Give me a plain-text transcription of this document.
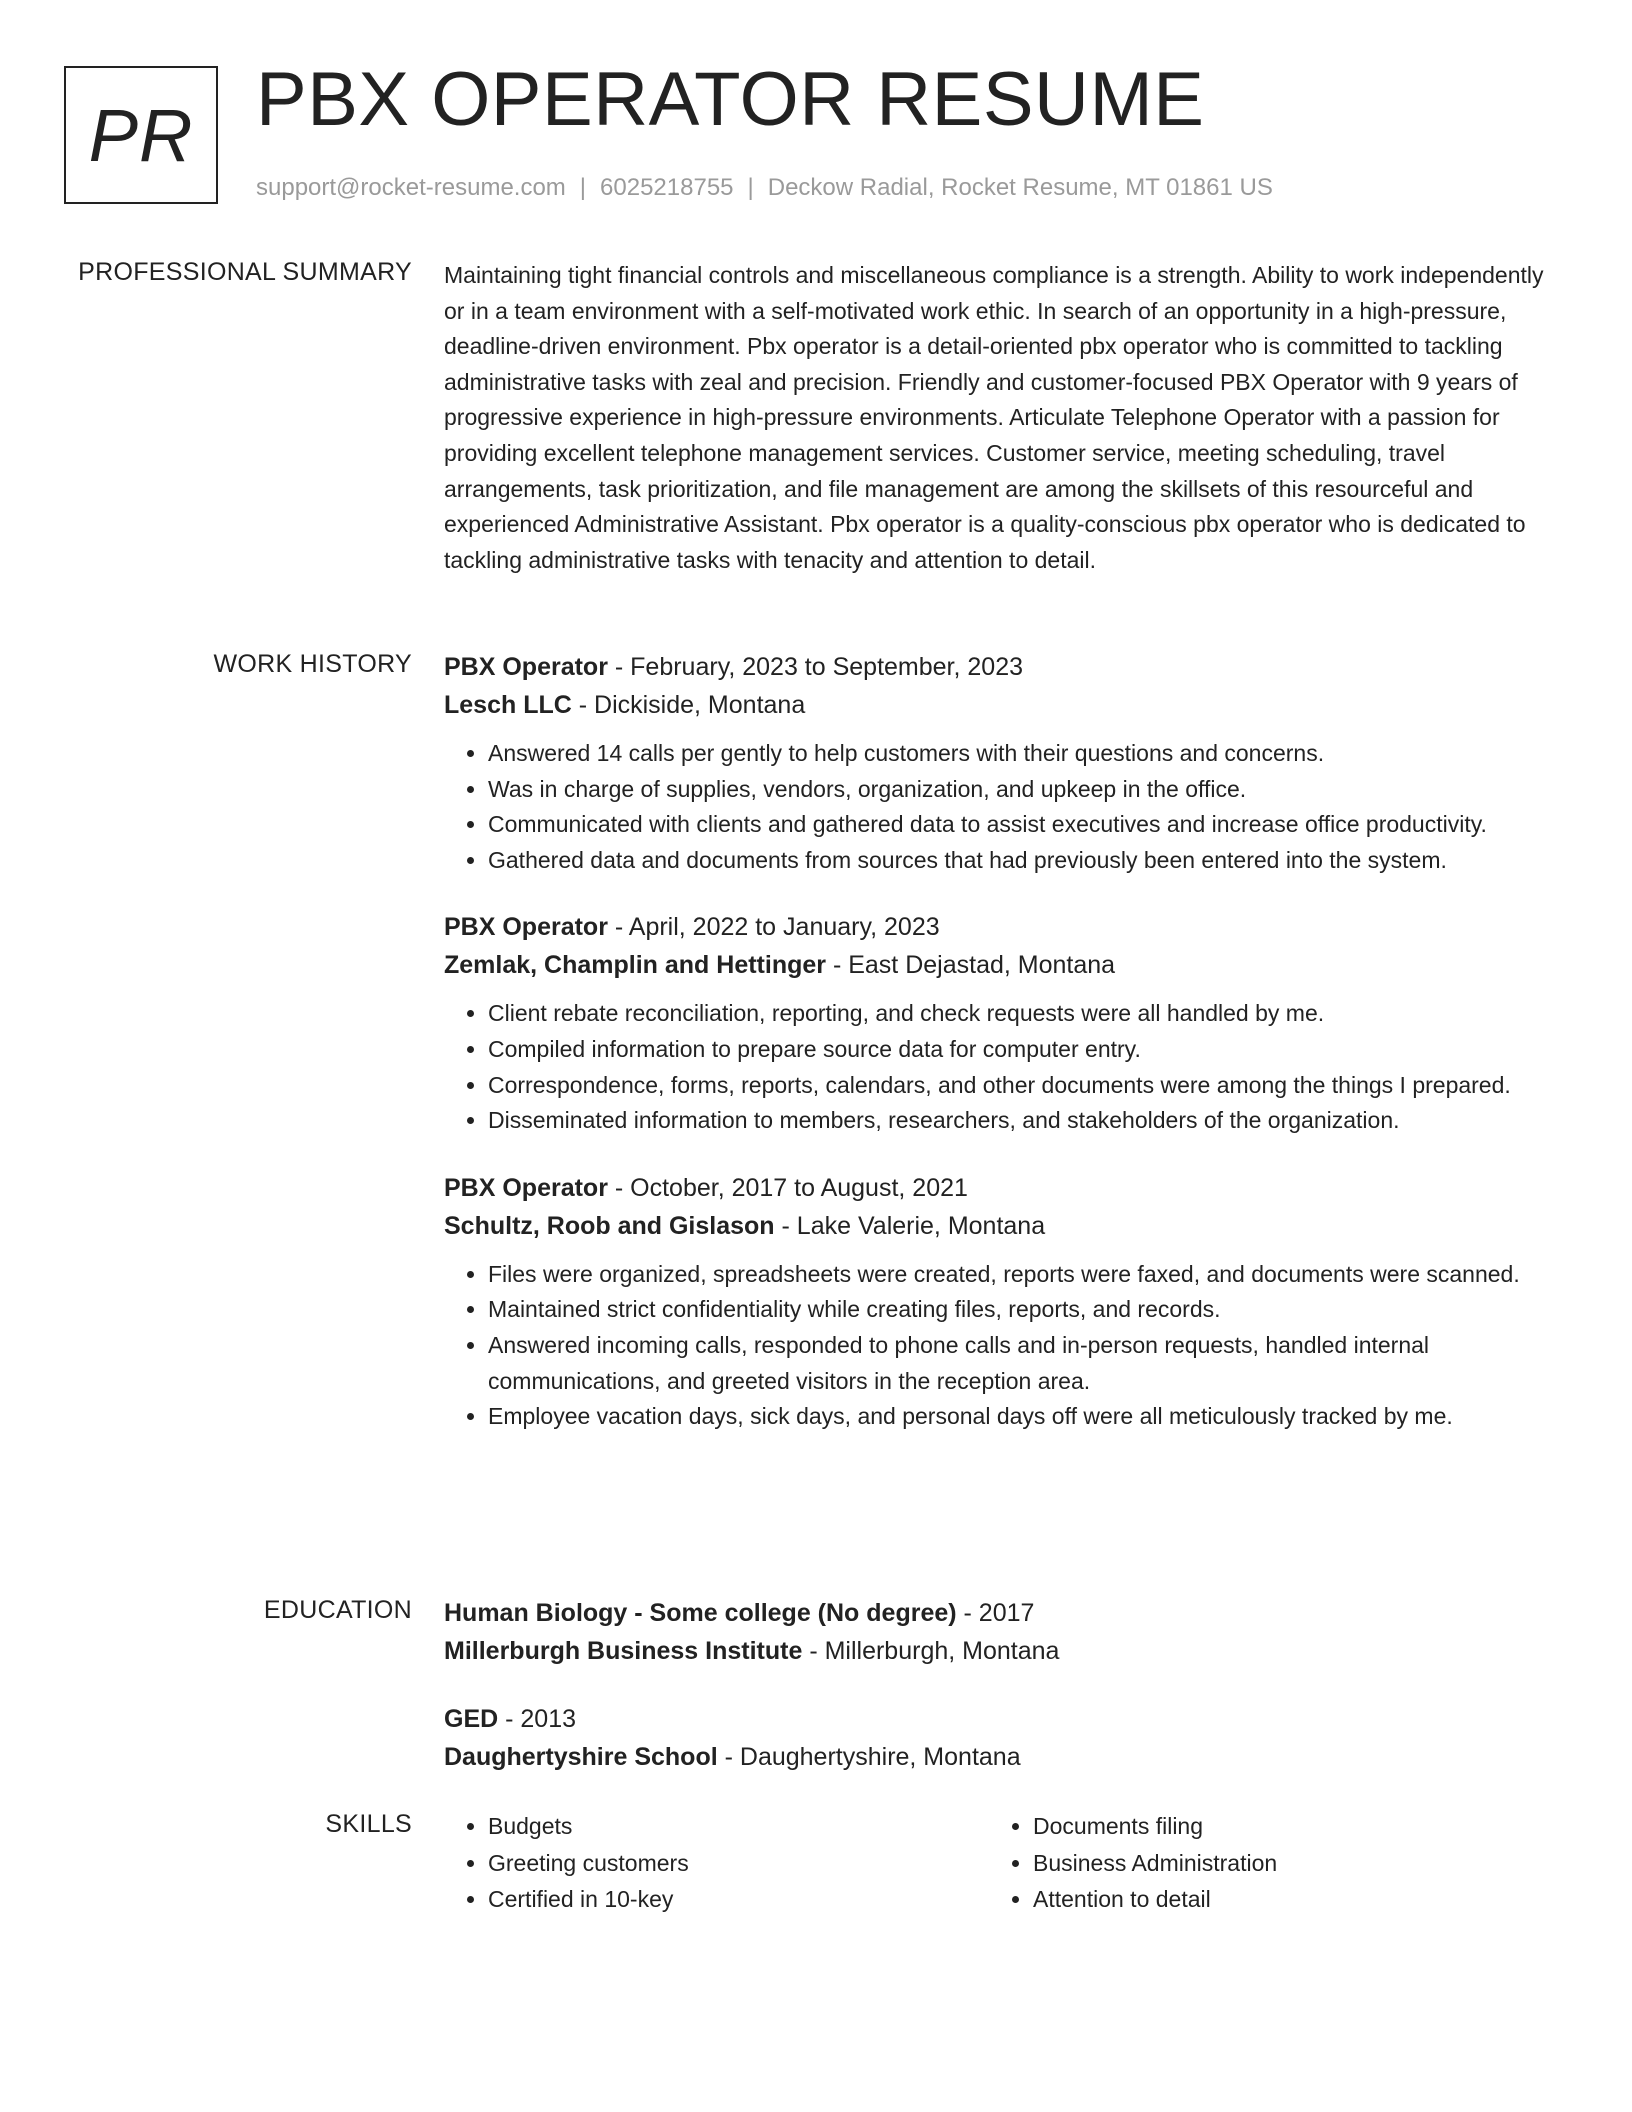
PR PBX OPERATOR RESUME
support@rocket-resume.com | 6025218755 | Deckow Radial, Rocket Resume, MT 01861 US
PROFESSIONAL SUMMARY Maintaining tight financial controls and miscellaneous compliance is a strength. Ability to work independently or in a team environment with a self-motivated work ethic. In search of an opportunity in a high-pressure, deadline-driven environment. Pbx operator is a detail-oriented pbx operator who is committed to tackling administrative tasks with zeal and precision. Friendly and customer-focused PBX Operator with 9 years of progressive experience in high-pressure environments. Articulate Telephone Operator with a passion for providing excellent telephone management services. Customer service, meeting scheduling, travel arrangements, task prioritization, and file management are among the skillsets of this resourceful and experienced Administrative Assistant. Pbx operator is a quality-conscious pbx operator who is dedicated to tackling administrative tasks with tenacity and attention to detail.

WORK HISTORY PBX Operator - February, 2023 to September, 2023
Lesch LLC - Dickiside, Montana
• Answered 14 calls per gently to help customers with their questions and concerns.
• Was in charge of supplies, vendors, organization, and upkeep in the office.
• Communicated with clients and gathered data to assist executives and increase office productivity.
• Gathered data and documents from sources that had previously been entered into the system.
PBX Operator - April, 2022 to January, 2023
Zemlak, Champlin and Hettinger - East Dejastad, Montana
• Client rebate reconciliation, reporting, and check requests were all handled by me.
• Compiled information to prepare source data for computer entry.
• Correspondence, forms, reports, calendars, and other documents were among the things I prepared.
• Disseminated information to members, researchers, and stakeholders of the organization.
PBX Operator - October, 2017 to August, 2021
Schultz, Roob and Gislason - Lake Valerie, Montana
• Files were organized, spreadsheets were created, reports were faxed, and documents were scanned.
• Maintained strict confidentiality while creating files, reports, and records.
• Answered incoming calls, responded to phone calls and in-person requests, handled internal communications, and greeted visitors in the reception area.
• Employee vacation days, sick days, and personal days off were all meticulously tracked by me.
EDUCATION Human Biology - Some college (No degree) - 2017
Millerburgh Business Institute - Millerburgh, Montana
GED - 2013
Daughertyshire School - Daughertyshire, Montana
SKILLS
•	Budgets
• Greeting customers
• Certified in 10-key
• Documents filing
• Business Administration
• Attention to detail
